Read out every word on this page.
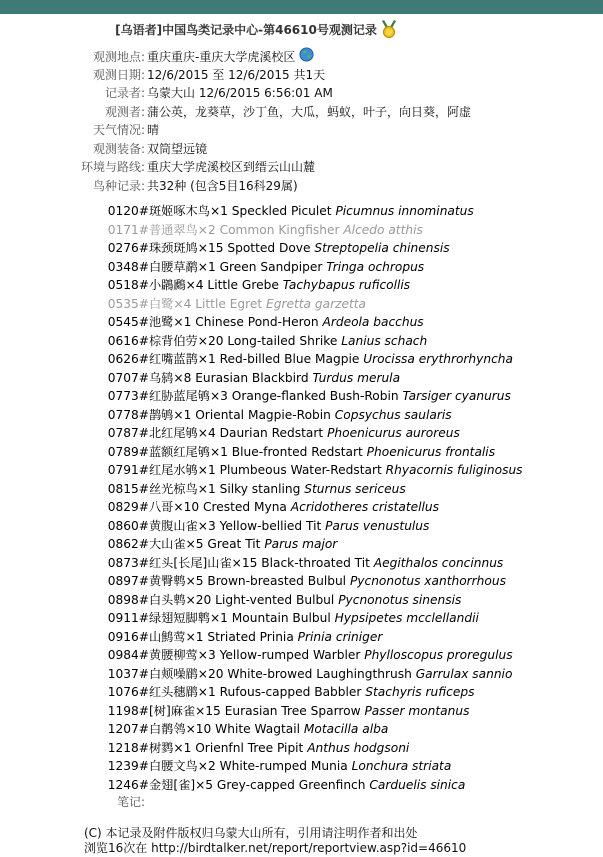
[乌语者]中国鸟类记录中心-第46610号观测记录
观测地点: 重庆重庆-重庆大学虎溪校区
观测日期: 12/6/2015 至 12/6/2015 共1天
记录者: 乌蒙大山 12/6/2015 6:56:01 AM
观测者: 蒲公英，龙葵草，沙丁鱼，大瓜，蚂蚁，叶子，向日葵，阿虚
天气情况: 晴
观测装备: 双筒望远镜
环境与路线: 重庆大学虎溪校区到缙云山山麓
鸟种记录: 共32种 (包含5目16科29属)
0120#斑姬啄木鸟×1 Speckled Piculet Picumnus innominatus
0171#普通翠鸟×2 Common Kingfisher Alcedo atthis
0276#珠颈斑鸠×15 Spotted Dove Streptopelia chinensis
0348#白腰草鹬×1 Green Sandpiper Tringa ochropus
0518#小鸊鷉×4 Little Grebe Tachybapus ruficollis
0535#白鹭×4 Little Egret Egretta garzetta
0545#池鹭×1 Chinese Pond-Heron Ardeola bacchus
0616#棕背伯劳×20 Long-tailed Shrike Lanius schach
0626#红嘴蓝鹊×1 Red-billed Blue Magpie Urocissa erythrorhyncha
0707#乌鸫×8 Eurasian Blackbird Turdus merula
0773#红胁蓝尾鸲×3 Orange-flanked Bush-Robin Tarsiger cyanurus
0778#鹊鸲×1 Oriental Magpie-Robin Copsychus saularis
0787#北红尾鸲×4 Daurian Redstart Phoenicurus auroreus
0789#蓝额红尾鸲×1 Blue-fronted Redstart Phoenicurus frontalis
0791#红尾水鸲×1 Plumbeous Water-Redstart Rhyacornis fuliginosus
0815#丝光椋鸟×1 Silky stanling Sturnus sericeus
0829#八哥×10 Crested Myna Acridotheres cristatellus
0860#黄腹山雀×3 Yellow-bellied Tit Parus venustulus
0862#大山雀×5 Great Tit Parus major
0873#红头[长尾]山雀×15 Black-throated Tit Aegithalos concinnus
0897#黄臀鹎×5 Brown-breasted Bulbul Pycnonotus xanthorrhous
0898#白头鹎×20 Light-vented Bulbul Pycnonotus sinensis
0911#绿翅短脚鹎×1 Mountain Bulbul Hypsipetes mcclellandii
0916#山鹪莺×1 Striated Prinia Prinia criniger
0984#黄腰柳莺×3 Yellow-rumped Warbler Phylloscopus proregulus
1037#白颊噪鹛×20 White-browed Laughingthrush Garrulax sannio
1076#红头穗鹛×1 Rufous-capped Babbler Stachyris ruficeps
1198#[树]麻雀×15 Eurasian Tree Sparrow Passer montanus
1207#白鹡鸰×10 White Wagtail Motacilla alba
1218#树鹨×1 Orienfnl Tree Pipit Anthus hodgsoni
1239#白腰文鸟×2 White-rumped Munia Lonchura striata
1246#金翅[雀]×5 Grey-capped Greenfinch Carduelis sinica
笔记:
(C) 本记录及附件版权归乌蒙大山所有，引用请注明作者和出处
浏览16次在 http://birdtalker.net/report/reportview.asp?id=46610
